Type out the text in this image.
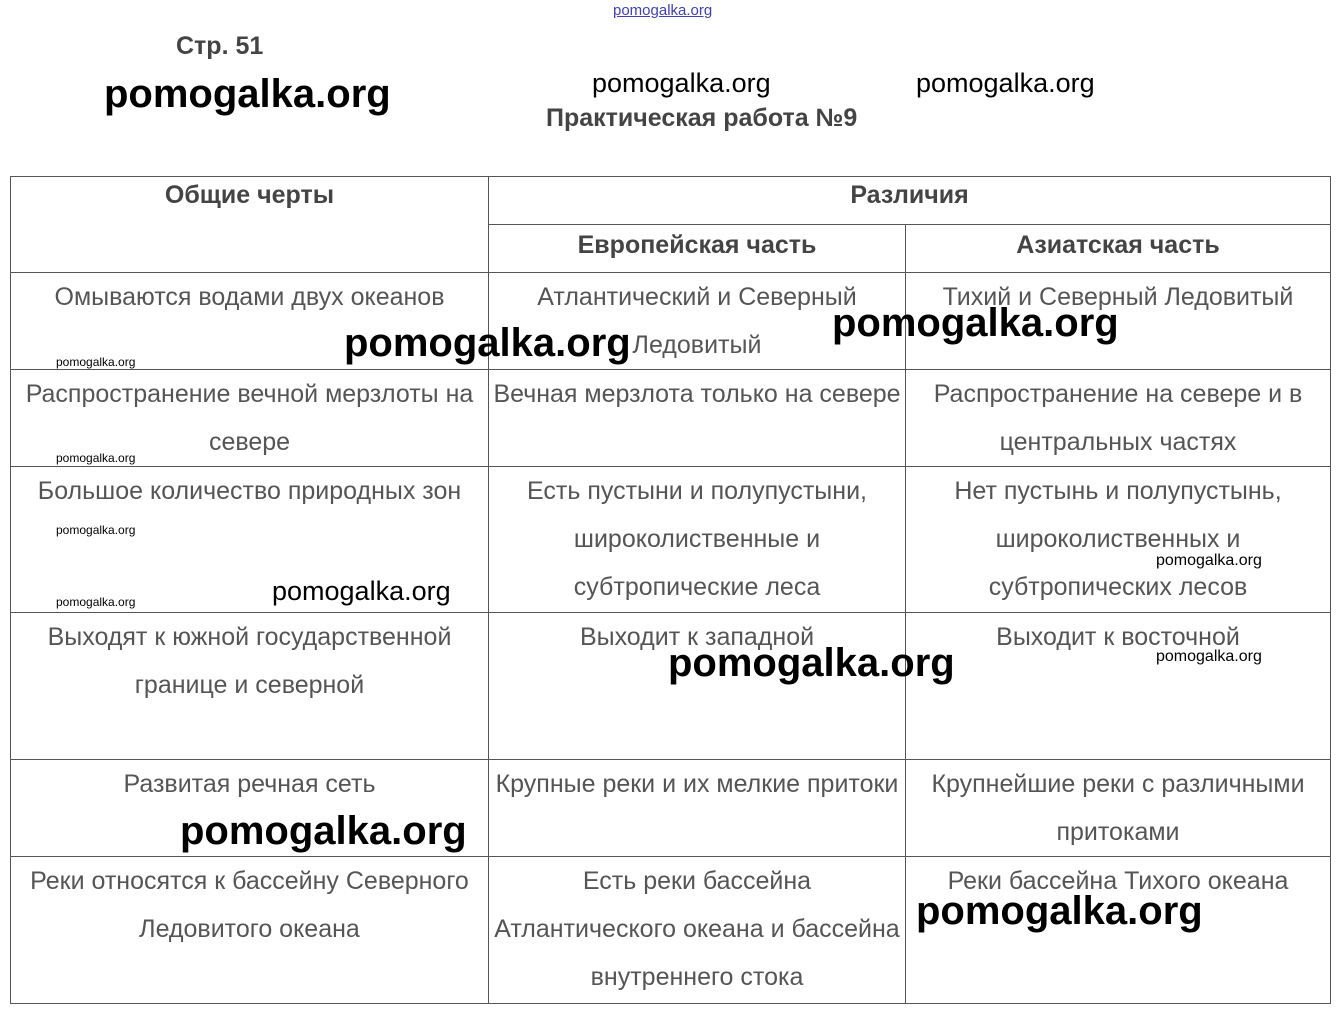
Стр. 51
Практическая работа №9
Общие черты	Различия	
	Европейская часть	Азиатская часть
Омываются водами двух океанов	Атлантический и Северный Ледовитый	Тихий и Северный Ледовитый
Распространение вечной мерзлоты на севере	Вечная мерзлота только на севере	Распространение на севере и в центральных частях
Большое количество природных зон	Есть пустыни и полупустыни, широколиственные и субтропические леса	Нет пустынь и полупустынь, широколиственных и субтропических лесов
Выходят к южной государственной границе и северной	Выходит к западной	Выходит к восточной
Развитая речная сеть	Крупные реки и их мелкие притоки	Крупнейшие реки с различными притоками
Реки относятся к бассейну Северного Ледовитого океана	Есть реки бассейна Атлантического океана и бассейна внутреннего стока	Реки бассейна Тихого океана
pomogalka.org
pomogalka.org	pomogalka.org	pomogalka.org
pomogalka.org	pomogalka.org
pomogalka.org
pomogalka.org
pomogalka.org
pomogalka.org	pomogalka.org
pomogalka.org
pomogalka.org	pomogalka.org
pomogalka.org
pomogalka.org
